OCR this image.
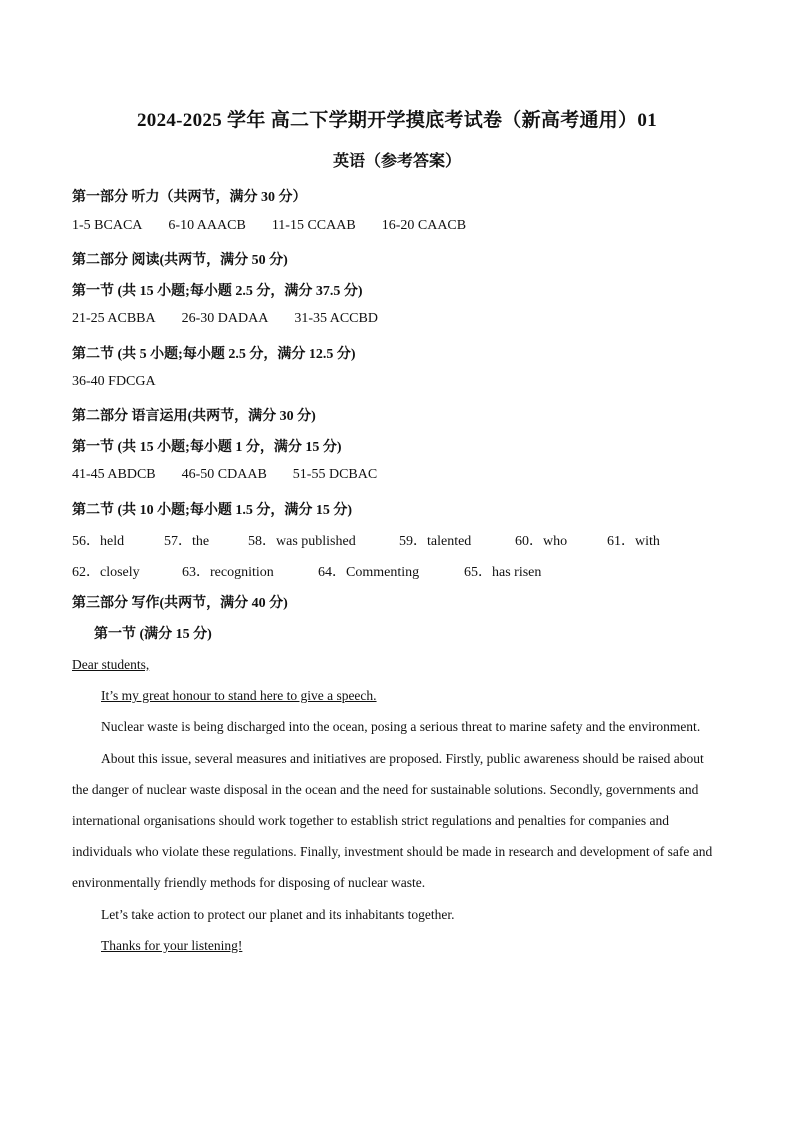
2024-2025 学年 高二下学期开学摸底考试卷（新高考通用）01
英语（参考答案）
第一部分 听力（共两节，满分 30 分）
1-5 BCACA 6-10 AAACB 11-15 CCAAB 16-20 CAACB
第二部分 阅读(共两节，满分 50 分)
第一节 (共 15 小题;每小题 2.5 分，满分 37.5 分)
21-25 ACBBA 26-30 DADAA 31-35 ACCBD
第二节 (共 5 小题;每小题 2.5 分，满分 12.5 分)
36-40 FDCGA
第二部分 语言运用(共两节，满分 30 分)
第一节 (共 15 小题;每小题 1 分，满分 15 分)
41-45 ABDCB 46-50 CDAAB 51-55 DCBAC
第二节 (共 10 小题;每小题 1.5 分，满分 15 分)
56．held	57．the	58．was published	59．talented	60．who	61．with
62．closely	63．recognition	64．Commenting	65．has risen
第三部分 写作(共两节，满分 40 分)
第一节 (满分 15 分)

Dear students,

It’s my great honour to stand here to give a speech.

Nuclear waste is being discharged into the ocean, posing a serious threat to marine safety and the environment.

About this issue, several measures and initiatives are proposed. Firstly, public awareness should be raised about the danger of nuclear waste disposal in the ocean and the need for sustainable solutions. Secondly, governments and international organisations should work together to establish strict regulations and penalties for companies and individuals who violate these regulations. Finally, investment should be made in research and development of safe and environmentally friendly methods for disposing of nuclear waste.

Let’s take action to protect our planet and its inhabitants together.

Thanks for your listening!
